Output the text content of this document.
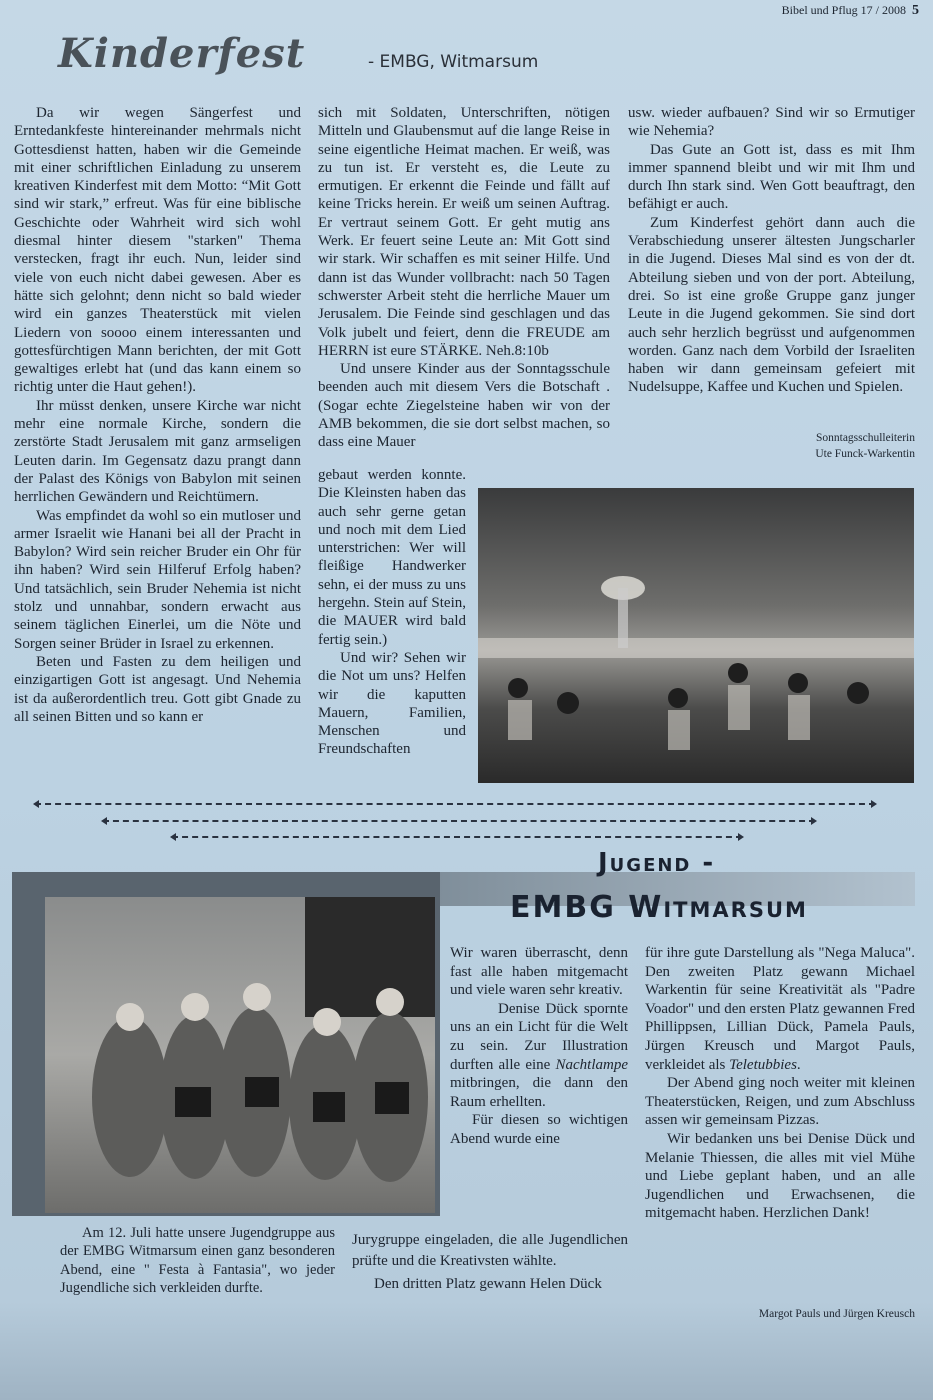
Bibel und Pflug 17 / 2008 5
Kinderfest	- EMBG, Witmarsum

Da wir wegen Sängerfest und Erntedankfeste hintereinander mehrmals nicht Gottesdienst hatten, haben wir die Gemeinde mit einer schriftlichen Einladung zu unserem kreativen Kinderfest mit dem Motto: “Mit Gott sind wir stark,” erfreut. Was für eine biblische Geschichte oder Wahrheit wird sich wohl diesmal hinter diesem "starken" Thema verstecken, fragt ihr euch. Nun, leider sind viele von euch nicht dabei gewesen. Aber es hätte sich gelohnt; denn nicht so bald wieder wird ein ganzes Theaterstück mit vielen Liedern von soooo einem interessanten und gottesfürchtigen Mann berichten, der mit Gott gewaltiges erlebt hat (und das kann einem so richtig unter die Haut gehen!).

Ihr müsst denken, unsere Kirche war nicht mehr eine normale Kirche, sondern die zerstörte Stadt Jerusalem mit ganz armseligen Leuten darin. Im Gegensatz dazu prangt dann der Palast des Königs von Babylon mit seinen herrlichen Gewändern und Reichtümern.

Was empfindet da wohl so ein mutloser und armer Israelit wie Hanani bei all der Pracht in Babylon? Wird sein reicher Bruder ein Ohr für ihn haben? Wird sein Hilferuf Erfolg haben? Und tatsächlich, sein Bruder Nehemia ist nicht stolz und unnahbar, sondern erwacht aus seinem täglichen Einerlei, um die Nöte und Sorgen seiner Brüder in Israel zu erkennen.

Beten und Fasten zu dem heiligen und einzigartigen Gott ist angesagt. Und Nehemia ist da außerordentlich treu. Gott gibt Gnade zu all seinen Bitten und so kann er

sich mit Soldaten, Unterschriften, nötigen Mitteln und Glaubensmut auf die lange Reise in seine eigentliche Heimat machen. Er weiß, was zu tun ist. Er versteht es, die Leute zu ermutigen. Er erkennt die Feinde und fällt auf keine Tricks herein. Er weiß um seinen Auftrag. Er vertraut seinem Gott. Er geht mutig ans Werk. Er feuert seine Leute an: Mit Gott sind wir stark. Wir schaffen es mit seiner Hilfe. Und dann ist das Wunder vollbracht: nach 50 Tagen schwerster Arbeit steht die herrliche Mauer um Jerusalem. Die Feinde sind geschlagen und das Volk jubelt und feiert, denn die FREUDE am HERRN ist eure STÄRKE. Neh.8:10b

Und unsere Kinder aus der Sonntagsschule beenden auch mit diesem Vers die Botschaft . (Sogar echte Ziegelsteine haben wir von der AMB bekommen, die sie dort selbst machen, so dass eine Mauer

gebaut werden konnte. Die Kleinsten haben das auch sehr gerne getan und noch mit dem Lied unterstrichen: Wer will fleißige Handwerker sehn, ei der muss zu uns hergehn. Stein auf Stein, die MAUER wird bald fertig sein.)

Und wir? Sehen wir die Not um uns? Helfen wir die kaputten Mauern, Familien, Menschen und Freundschaften

usw. wieder aufbauen? Sind wir so Ermutiger wie Nehemia?

Das Gute an Gott ist, dass es mit Ihm immer spannend bleibt und wir mit Ihm und durch Ihn stark sind. Wen Gott beauftragt, den befähigt er auch.

Zum Kinderfest gehört dann auch die Verabschiedung unserer ältesten Jungscharler in die Jugend. Dieses Mal sind es von der dt. Abteilung sieben und von der port. Abteilung, drei. So ist eine große Gruppe ganz junger Leute in die Jugend gekommen. Sie sind dort auch sehr herzlich begrüsst und aufgenommen worden. Ganz nach dem Vorbild der Israeliten haben wir dann gemeinsam gefeiert mit Nudelsuppe, Kaffee und Kuchen und Spielen.

Sonntagsschulleiterin
Ute Funck-Warkentin
Jugend -
EMBG Witmarsum

Am 12. Juli hatte unsere Jugendgruppe aus der EMBG Witmarsum einen ganz besonderen Abend, eine " Festa à Fantasia", wo jeder Jugendliche sich verkleiden durfte.

Wir waren überrascht, denn fast alle haben mitgemacht und viele waren sehr kreativ.

Denise Dück spornte uns an ein Licht für die Welt zu sein. Zur Illustration durften alle eine Nachtlampe mitbringen, die dann den Raum erhellten.

Für diesen so wichtigen Abend wurde eine

Jurygruppe eingeladen, die alle Jugendlichen prüfte und die Kreativsten wählte.

Den dritten Platz gewann Helen Dück

für ihre gute Darstellung als "Nega Maluca". Den zweiten Platz gewann Michael Warkentin für seine Kreativität als "Padre Voador" und den ersten Platz gewannen Fred Phillippsen, Lillian Dück, Pamela Pauls, Jürgen Kreusch und Margot Pauls, verkleidet als Teletubbies.

Der Abend ging noch weiter mit kleinen Theaterstücken, Reigen, und zum Abschluss assen wir gemeinsam Pizzas.

Wir bedanken uns bei Denise Dück und Melanie Thiessen, die alles mit viel Mühe und Liebe geplant haben, und an alle Jugendlichen und Erwachsenen, die mitgemacht haben. Herzlichen Dank!

Margot Pauls und Jürgen Kreusch
